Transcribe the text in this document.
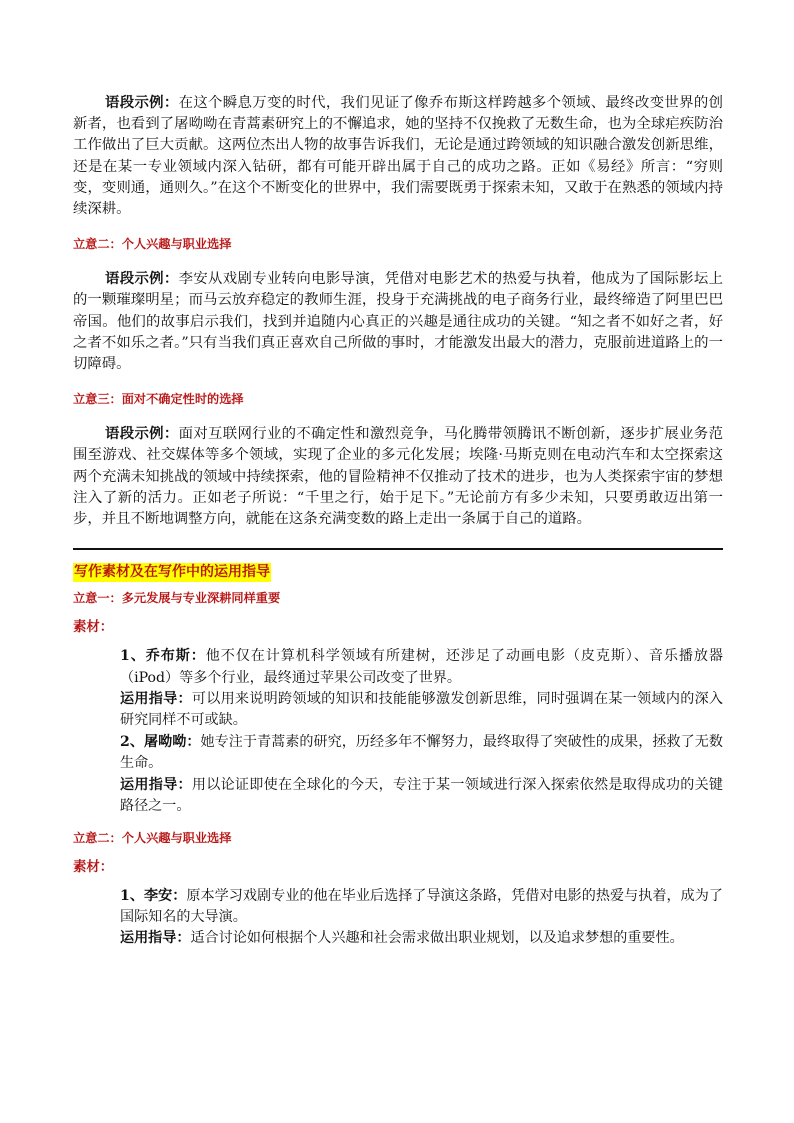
语段示例：在这个瞬息万变的时代，我们见证了像乔布斯这样跨越多个领域、最终改变世界的创新者，也看到了屠呦呦在青蒿素研究上的不懈追求，她的坚持不仅挽救了无数生命，也为全球疟疾防治工作做出了巨大贡献。这两位杰出人物的故事告诉我们，无论是通过跨领域的知识融合激发创新思维，还是在某一专业领域内深入钻研，都有可能开辟出属于自己的成功之路。正如《易经》所言：“穷则变，变则通，通则久。”在这个不断变化的世界中，我们需要既勇于探索未知，又敢于在熟悉的领域内持续深耕。

立意二：个人兴趣与职业选择

语段示例：李安从戏剧专业转向电影导演，凭借对电影艺术的热爱与执着，他成为了国际影坛上的一颗璀璨明星；而马云放弃稳定的教师生涯，投身于充满挑战的电子商务行业，最终缔造了阿里巴巴帝国。他们的故事启示我们，找到并追随内心真正的兴趣是通往成功的关键。“知之者不如好之者，好之者不如乐之者。”只有当我们真正喜欢自己所做的事时，才能激发出最大的潜力，克服前进道路上的一切障碍。

立意三：面对不确定性时的选择

语段示例：面对互联网行业的不确定性和激烈竞争，马化腾带领腾讯不断创新，逐步扩展业务范围至游戏、社交媒体等多个领域，实现了企业的多元化发展；埃隆·马斯克则在电动汽车和太空探索这两个充满未知挑战的领域中持续探索，他的冒险精神不仅推动了技术的进步，也为人类探索宇宙的梦想注入了新的活力。正如老子所说：“千里之行，始于足下。”无论前方有多少未知，只要勇敢迈出第一步，并且不断地调整方向，就能在这条充满变数的路上走出一条属于自己的道路。

写作素材及在写作中的运用指导

立意一：多元发展与专业深耕同样重要

素材：

1、乔布斯：他不仅在计算机科学领域有所建树，还涉足了动画电影（皮克斯）、音乐播放器（iPod）等多个行业，最终通过苹果公司改变了世界。

运用指导：可以用来说明跨领域的知识和技能能够激发创新思维，同时强调在某一领域内的深入研究同样不可或缺。

2、屠呦呦：她专注于青蒿素的研究，历经多年不懈努力，最终取得了突破性的成果，拯救了无数生命。

运用指导：用以论证即使在全球化的今天，专注于某一领域进行深入探索依然是取得成功的关键路径之一。

立意二：个人兴趣与职业选择

素材：

1、李安：原本学习戏剧专业的他在毕业后选择了导演这条路，凭借对电影的热爱与执着，成为了国际知名的大导演。

运用指导：适合讨论如何根据个人兴趣和社会需求做出职业规划，以及追求梦想的重要性。
